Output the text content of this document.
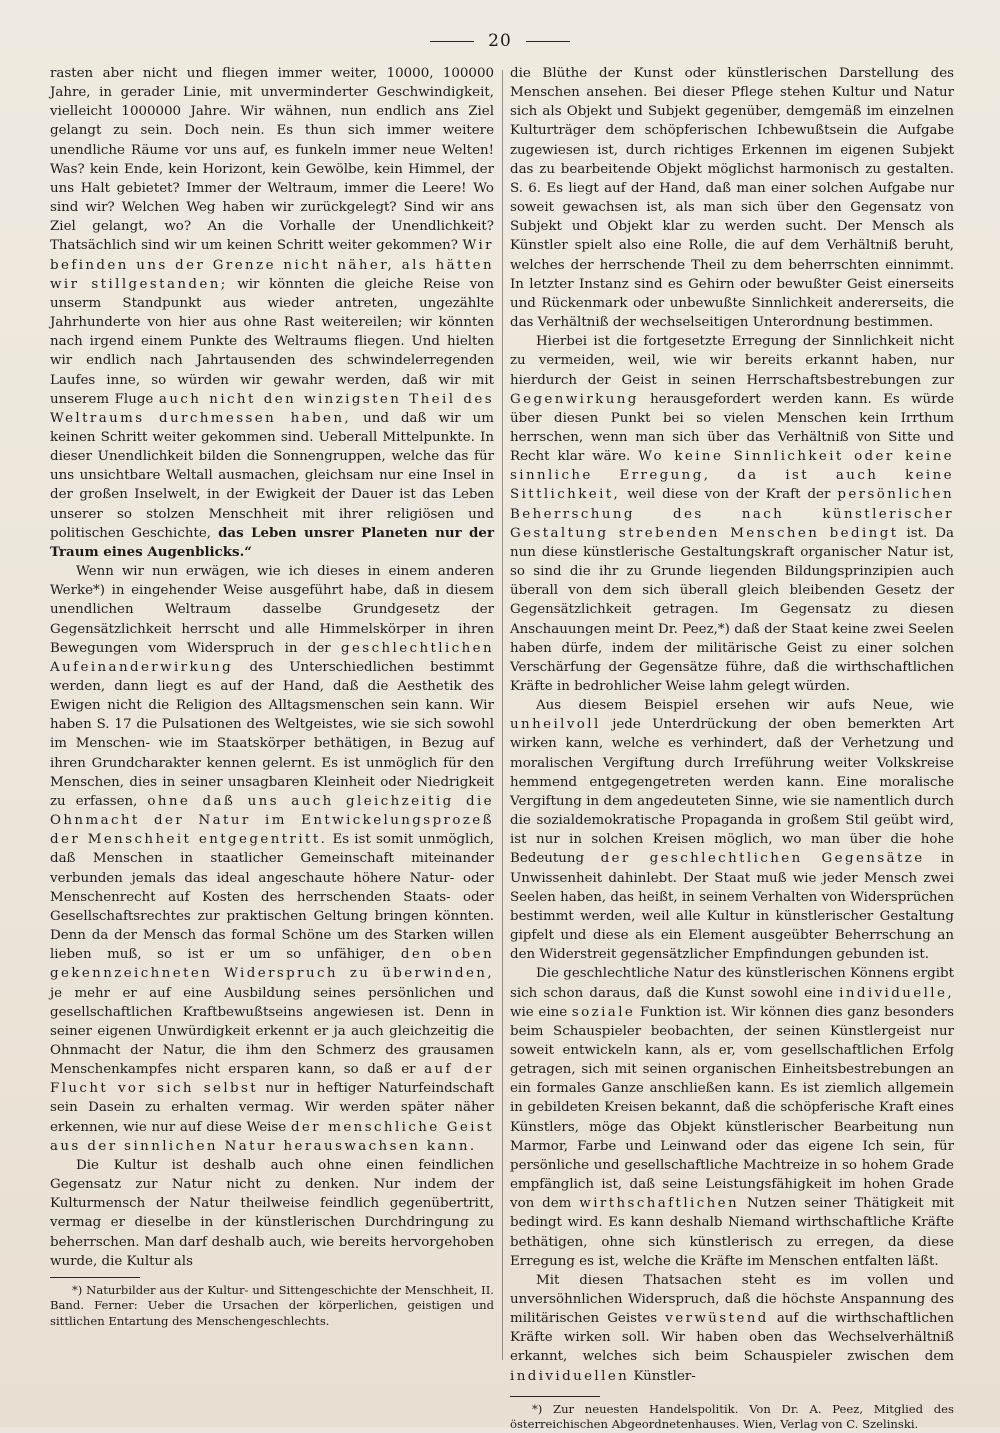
20

rasten aber nicht und fliegen immer weiter, 10000, 100000 Jahre, in gerader Linie, mit unverminderter Geschwindigkeit, vielleicht 1000000 Jahre. Wir wähnen, nun endlich ans Ziel gelangt zu sein. Doch nein. Es thun sich immer weitere unendliche Räume vor uns auf, es funkeln immer neue Welten! Was? kein Ende, kein Horizont, kein Gewölbe, kein Himmel, der uns Halt gebietet? Immer der Weltraum, immer die Leere! Wo sind wir? Welchen Weg haben wir zurückgelegt? Sind wir ans Ziel gelangt, wo? An die Vorhalle der Unendlichkeit? Thatsächlich sind wir um keinen Schritt weiter gekommen? Wir befinden uns der Grenze nicht näher, als hätten wir stillgestanden; wir könnten die gleiche Reise von unserm Standpunkt aus wieder antreten, ungezählte Jahrhunderte von hier aus ohne Rast weitereilen; wir könnten nach irgend einem Punkte des Weltraums fliegen. Und hielten wir endlich nach Jahrtausenden des schwindelerregenden Laufes inne, so würden wir gewahr werden, daß wir mit unserem Fluge auch nicht den winzigsten Theil des Weltraums durchmessen haben, und daß wir um keinen Schritt weiter gekommen sind. Ueberall Mittelpunkte. In dieser Unendlichkeit bilden die Sonnengruppen, welche das für uns unsichtbare Weltall ausmachen, gleichsam nur eine Insel in der großen Inselwelt, in der Ewigkeit der Dauer ist das Leben unserer so stolzen Menschheit mit ihrer religiösen und politischen Geschichte, das Leben unsrer Planeten nur der Traum eines Augenblicks.“

Wenn wir nun erwägen, wie ich dieses in einem anderen Werke*) in eingehender Weise ausgeführt habe, daß in diesem unendlichen Weltraum dasselbe Grundgesetz der Gegensätzlichkeit herrscht und alle Himmelskörper in ihren Bewegungen vom Widerspruch in der geschlechtlichen Aufeinanderwirkung des Unterschiedlichen bestimmt werden, dann liegt es auf der Hand, daß die Aesthetik des Ewigen nicht die Religion des Alltagsmenschen sein kann. Wir haben S. 17 die Pulsationen des Weltgeistes, wie sie sich sowohl im Menschen- wie im Staatskörper bethätigen, in Bezug auf ihren Grundcharakter kennen gelernt. Es ist unmöglich für den Menschen, dies in seiner unsagbaren Kleinheit oder Niedrigkeit zu erfassen, ohne daß uns auch gleichzeitig die Ohnmacht der Natur im Entwickelungsprozeß der Menschheit entgegentritt. Es ist somit unmöglich, daß Menschen in staatlicher Gemeinschaft miteinander verbunden jemals das ideal angeschaute höhere Natur- oder Menschenrecht auf Kosten des herrschenden Staats- oder Gesellschaftsrechtes zur praktischen Geltung bringen könnten. Denn da der Mensch das formal Schöne um des Starken willen lieben muß, so ist er um so unfähiger, den oben gekennzeichneten Widerspruch zu überwinden, je mehr er auf eine Ausbildung seines persönlichen und gesellschaftlichen Kraftbewußtseins angewiesen ist. Denn in seiner eigenen Unwürdigkeit erkennt er ja auch gleichzeitig die Ohnmacht der Natur, die ihm den Schmerz des grausamen Menschenkampfes nicht ersparen kann, so daß er auf der Flucht vor sich selbst nur in heftiger Naturfeindschaft sein Dasein zu erhalten vermag. Wir werden später näher erkennen, wie nur auf diese Weise der menschliche Geist aus der sinnlichen Natur herauswachsen kann.

Die Kultur ist deshalb auch ohne einen feindlichen Gegensatz zur Natur nicht zu denken. Nur indem der Kulturmensch der Natur theilweise feindlich gegenübertritt, vermag er dieselbe in der künstlerischen Durchdringung zu beherrschen. Man darf deshalb auch, wie bereits hervorgehoben wurde, die Kultur als

*) Naturbilder aus der Kultur- und Sittengeschichte der Menschheit, II. Band. Ferner: Ueber die Ursachen der körperlichen, geistigen und sittlichen Entartung des Menschengeschlechts.

die Blüthe der Kunst oder künstlerischen Darstellung des Menschen ansehen. Bei dieser Pflege stehen Kultur und Natur sich als Objekt und Subjekt gegenüber, demgemäß im einzelnen Kulturträger dem schöpferischen Ichbewußtsein die Aufgabe zugewiesen ist, durch richtiges Erkennen im eigenen Subjekt das zu bearbeitende Objekt möglichst harmonisch zu gestalten. S. 6. Es liegt auf der Hand, daß man einer solchen Aufgabe nur soweit gewachsen ist, als man sich über den Gegensatz von Subjekt und Objekt klar zu werden sucht. Der Mensch als Künstler spielt also eine Rolle, die auf dem Verhältniß beruht, welches der herrschende Theil zu dem beherrschten einnimmt. In letzter Instanz sind es Gehirn oder bewußter Geist einerseits und Rückenmark oder unbewußte Sinnlichkeit andererseits, die das Verhältniß der wechselseitigen Unterordnung bestimmen.

Hierbei ist die fortgesetzte Erregung der Sinnlichkeit nicht zu vermeiden, weil, wie wir bereits erkannt haben, nur hierdurch der Geist in seinen Herrschaftsbestrebungen zur Gegenwirkung herausgefordert werden kann. Es würde über diesen Punkt bei so vielen Menschen kein Irrthum herrschen, wenn man sich über das Verhältniß von Sitte und Recht klar wäre. Wo keine Sinnlichkeit oder keine sinnliche Erregung, da ist auch keine Sittlichkeit, weil diese von der Kraft der persönlichen Beherrschung des nach künstlerischer Gestaltung strebenden Menschen bedingt ist. Da nun diese künstlerische Gestaltungskraft organischer Natur ist, so sind die ihr zu Grunde liegenden Bildungsprinzipien auch überall von dem sich überall gleich bleibenden Gesetz der Gegensätzlichkeit getragen. Im Gegensatz zu diesen Anschauungen meint Dr. Peez,*) daß der Staat keine zwei Seelen haben dürfe, indem der militärische Geist zu einer solchen Verschärfung der Gegensätze führe, daß die wirthschaftlichen Kräfte in bedrohlicher Weise lahm gelegt würden.

Aus diesem Beispiel ersehen wir aufs Neue, wie unheilvoll jede Unterdrückung der oben bemerkten Art wirken kann, welche es verhindert, daß der Verhetzung und moralischen Vergiftung durch Irreführung weiter Volkskreise hemmend entgegengetreten werden kann. Eine moralische Vergiftung in dem angedeuteten Sinne, wie sie namentlich durch die sozialdemokratische Propaganda in großem Stil geübt wird, ist nur in solchen Kreisen möglich, wo man über die hohe Bedeutung der geschlechtlichen Gegensätze in Unwissenheit dahinlebt. Der Staat muß wie jeder Mensch zwei Seelen haben, das heißt, in seinem Verhalten von Widersprüchen bestimmt werden, weil alle Kultur in künstlerischer Gestaltung gipfelt und diese als ein Element ausgeübter Beherrschung an den Widerstreit gegensätzlicher Empfindungen gebunden ist.

Die geschlechtliche Natur des künstlerischen Könnens ergibt sich schon daraus, daß die Kunst sowohl eine individuelle, wie eine soziale Funktion ist. Wir können dies ganz besonders beim Schauspieler beobachten, der seinen Künstlergeist nur soweit entwickeln kann, als er, vom gesellschaftlichen Erfolg getragen, sich mit seinen organischen Einheitsbestrebungen an ein formales Ganze anschließen kann. Es ist ziemlich allgemein in gebildeten Kreisen bekannt, daß die schöpferische Kraft eines Künstlers, möge das Objekt künstlerischer Bearbeitung nun Marmor, Farbe und Leinwand oder das eigene Ich sein, für persönliche und gesellschaftliche Machtreize in so hohem Grade empfänglich ist, daß seine Leistungsfähigkeit im hohen Grade von dem wirthschaftlichen Nutzen seiner Thätigkeit mit bedingt wird. Es kann deshalb Niemand wirthschaftliche Kräfte bethätigen, ohne sich künstlerisch zu erregen, da diese Erregung es ist, welche die Kräfte im Menschen entfalten läßt.

Mit diesen Thatsachen steht es im vollen und unversöhnlichen Widerspruch, daß die höchste Anspannung des militärischen Geistes verwüstend auf die wirthschaftlichen Kräfte wirken soll. Wir haben oben das Wechselverhältniß erkannt, welches sich beim Schauspieler zwischen dem individuellen Künstler-

*) Zur neuesten Handelspolitik. Von Dr. A. Peez, Mitglied des österreichischen Abgeordnetenhauses. Wien, Verlag von C. Szelinski.
